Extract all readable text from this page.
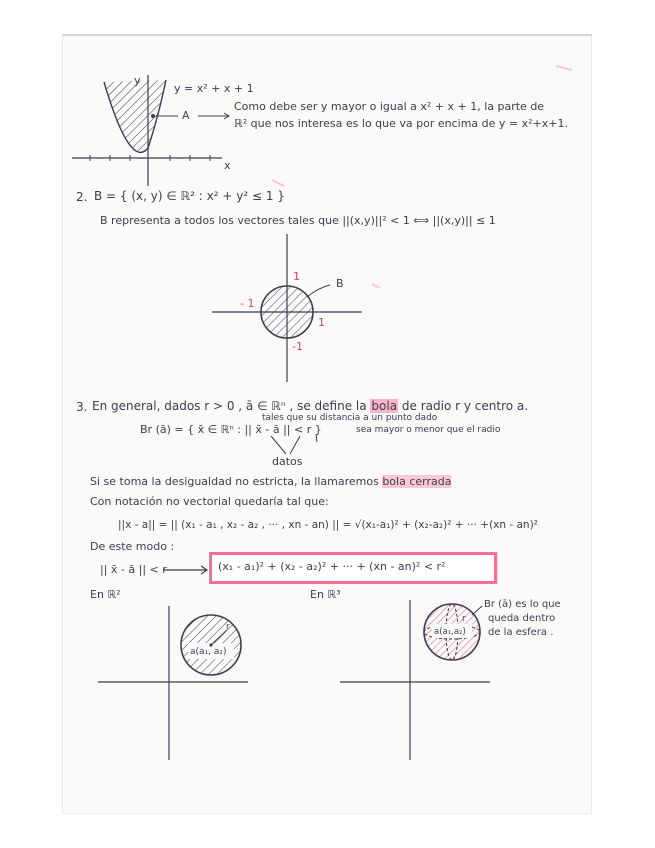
y
x
y = x² + x + 1
A
Como debe ser y mayor o igual a x² + x + 1, la parte de
ℝ² que nos interesa es lo que va por encima de y = x²+x+1.
2. B = { (x, y) ∈ ℝ² : x² + y² ≤ 1 }
B representa a todos los vectores tales que ||(x,y)||² < 1 ⟺ ||(x,y)|| ≤ 1
B
1
- 1
1
-1
3. En general, dados r > 0 , ā ∈ ℝⁿ , se define la bola de radio r y centro a.
tales que su distancia a un punto dado
Br (ā) = { x̄ ∈ ℝⁿ : || x̄ - ā || < r }	sea mayor o menor que el radio
datos
Si se toma la desigualdad no estricta, la llamaremos bola cerrada
Con notación no vectorial quedaría tal que:
||x - a|| = || (x₁ - a₁ , x₂ - a₂ , ··· , xn - an) || = √(x₁-a₁)² + (x₂-a₂)² + ··· +(xn - an)²
De este modo :
|| x̄ - ā || < r	(x₁ - a₁)² + (x₂ - a₂)² + ··· + (xn - an)² < r²
En ℝ²	En ℝ³
a(a₁, a₂)
r	a(a₁,a₂)
r
Br (ā) es lo que
queda dentro
de la esfera .
